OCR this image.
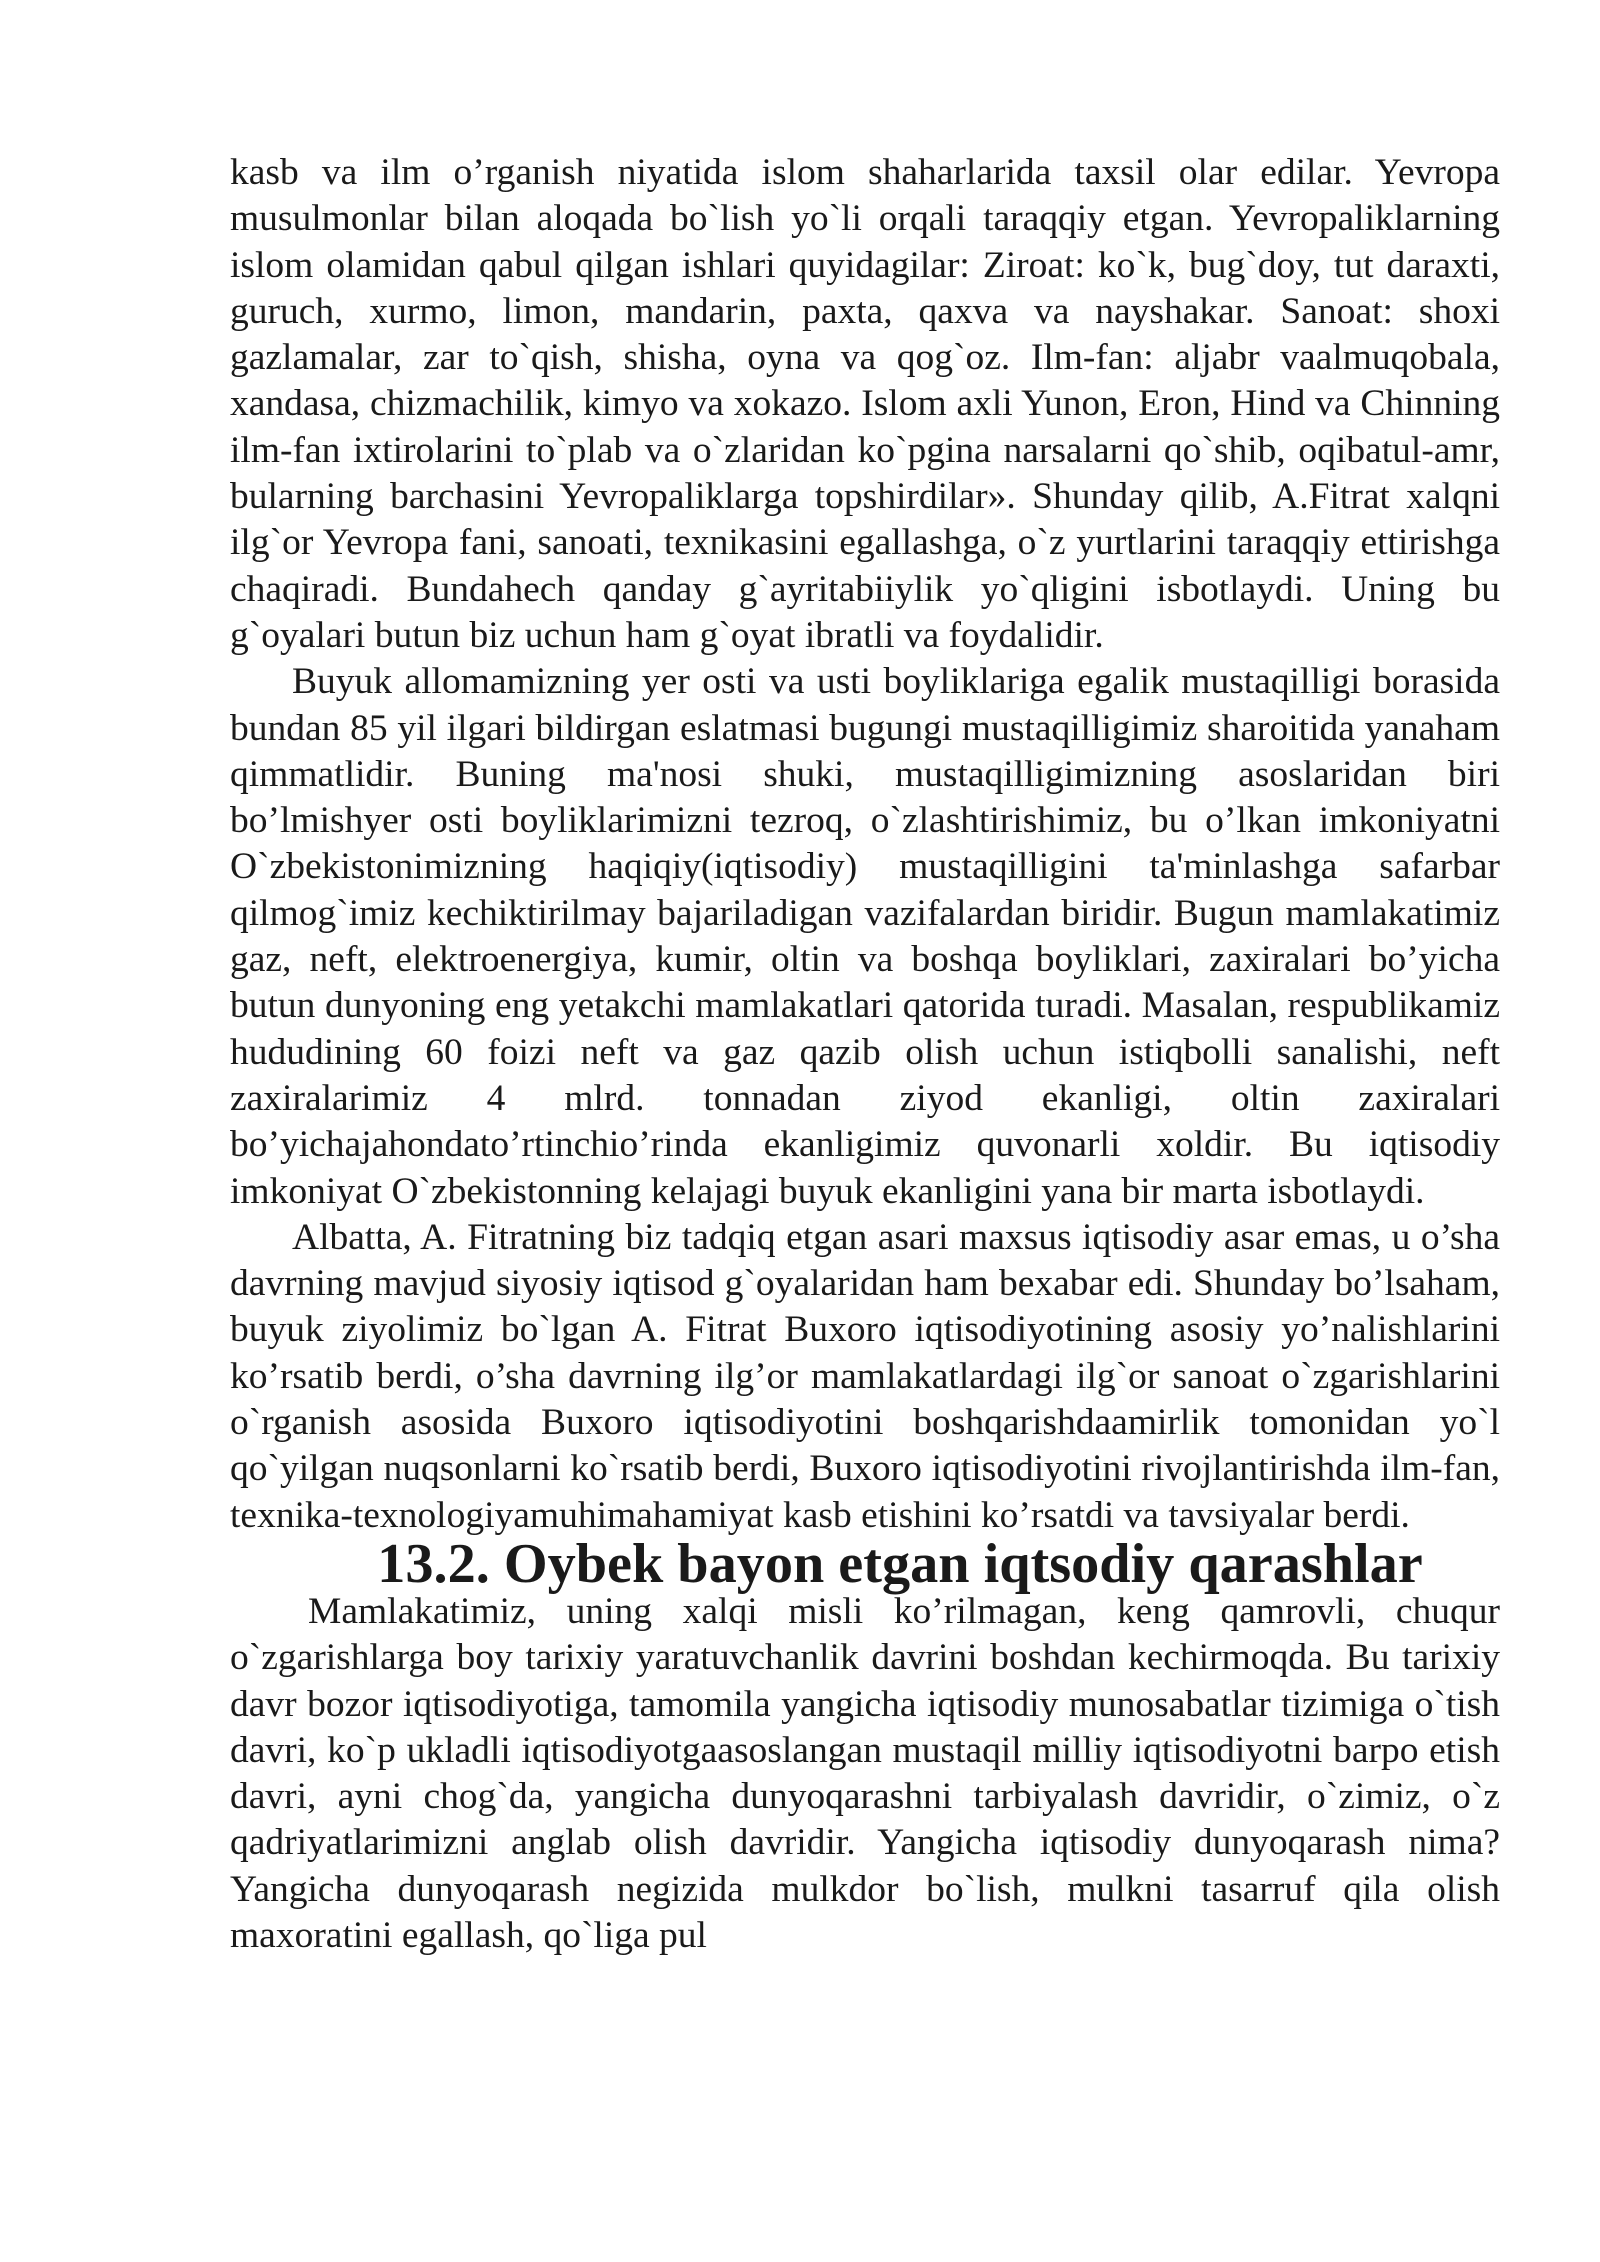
kasb va ilm o’rganish niyatida islom shaharlarida taxsil olar edilar. Yevropa musulmonlar bilan aloqada bo`lish yo`li orqali taraqqiy etgan. Yevropaliklarning islom olamidan qabul qilgan ishlari quyidagilar: Ziroat: ko`k, bug`doy, tut daraxti, guruch, xurmo, limon, mandarin, paxta, qaxva va nayshakar. Sanoat: shoxi gazlamalar, zar to`qish, shisha, oyna va qog`oz. Ilm-fan: aljabr vaalmuqobala, xandasa, chizmachilik, kimyo va xokazo. Islom axli Yunon, Eron, Hind va Chinning ilm-fan ixtirolarini to`plab va o`zlaridan ko`pgina narsalarni qo`shib, oqibatul-amr, bularning barchasini Yevropaliklarga topshirdilar». Shunday qilib, A.Fitrat xalqni ilg`or Yevropa fani, sanoati, texnikasini egallashga, o`z yurtlarini taraqqiy ettirishga chaqiradi. Bundahech qanday g`ayritabiiylik yo`qligini isbotlaydi. Uning bu g`oyalari butun biz uchun ham g`oyat ibratli va foydalidir.

Buyuk allomamizning yer osti va usti boyliklariga egalik mustaqilligi borasida bundan 85 yil ilgari bildirgan eslatmasi bugungi mustaqilligimiz sharoitida yanaham qimmatlidir. Buning ma'nosi shuki, mustaqilligimizning asoslaridan biri bo’lmishyer osti boyliklarimizni tezroq, o`zlashtirishimiz, bu o’lkan imkoniyatni O`zbekistonimizning haqiqiy(iqtisodiy) mustaqilligini ta'minlashga safarbar qilmog`imiz kechiktirilmay bajariladigan vazifalardan biridir. Bugun mamlakatimiz gaz, neft, elektroenergiya, kumir, oltin va boshqa boyliklari, zaxiralari bo’yicha butun dunyoning eng yetakchi mamlakatlari qatorida turadi. Masalan, respublikamiz hududining 60 foizi neft va gaz qazib olish uchun istiqbolli sanalishi, neft zaxiralarimiz 4 mlrd. tonnadan ziyod ekanligi, oltin zaxiralari bo’yichajahondato’rtinchio’rinda ekanligimiz quvonarli xoldir. Bu iqtisodiy imkoniyat O`zbekistonning kelajagi buyuk ekanligini yana bir marta isbotlaydi.

Albatta, A. Fitratning biz tadqiq etgan asari maxsus iqtisodiy asar emas, u o’sha davrning mavjud siyosiy iqtisod g`oyalaridan ham bexabar edi. Shunday bo’lsaham, buyuk ziyolimiz bo`lgan A. Fitrat Buxoro iqtisodiyotining asosiy yo’nalishlarini ko’rsatib berdi, o’sha davrning ilg’or mamlakatlardagi ilg`or sanoat o`zgarishlarini o`rganish asosida Buxoro iqtisodiyotini boshqarishdaamirlik tomonidan yo`l qo`yilgan nuqsonlarni ko`rsatib berdi, Buxoro iqtisodiyotini rivojlantirishda ilm-fan, texnika-texnologiyamuhimahamiyat kasb etishini ko’rsatdi va tavsiyalar berdi.

13.2. Oybek bayon etgan iqtsodiy qarashlar

Mamlakatimiz, uning xalqi misli ko’rilmagan, keng qamrovli, chuqur o`zgarishlarga boy tarixiy yaratuvchanlik davrini boshdan kechirmoqda. Bu tarixiy davr bozor iqtisodiyotiga, tamomila yangicha iqtisodiy munosabatlar tizimiga o`tish davri, ko`p ukladli iqtisodiyotgaasoslangan mustaqil milliy iqtisodiyotni barpo etish davri, ayni chog`da, yangicha dunyoqarashni tarbiyalash davridir, o`zimiz, o`z qadriyatlarimizni anglab olish davridir. Yangicha iqtisodiy dunyoqarash nima? Yangicha dunyoqarash negizida mulkdor bo`lish, mulkni tasarruf qila olish maxoratini egallash, qo`liga pul
